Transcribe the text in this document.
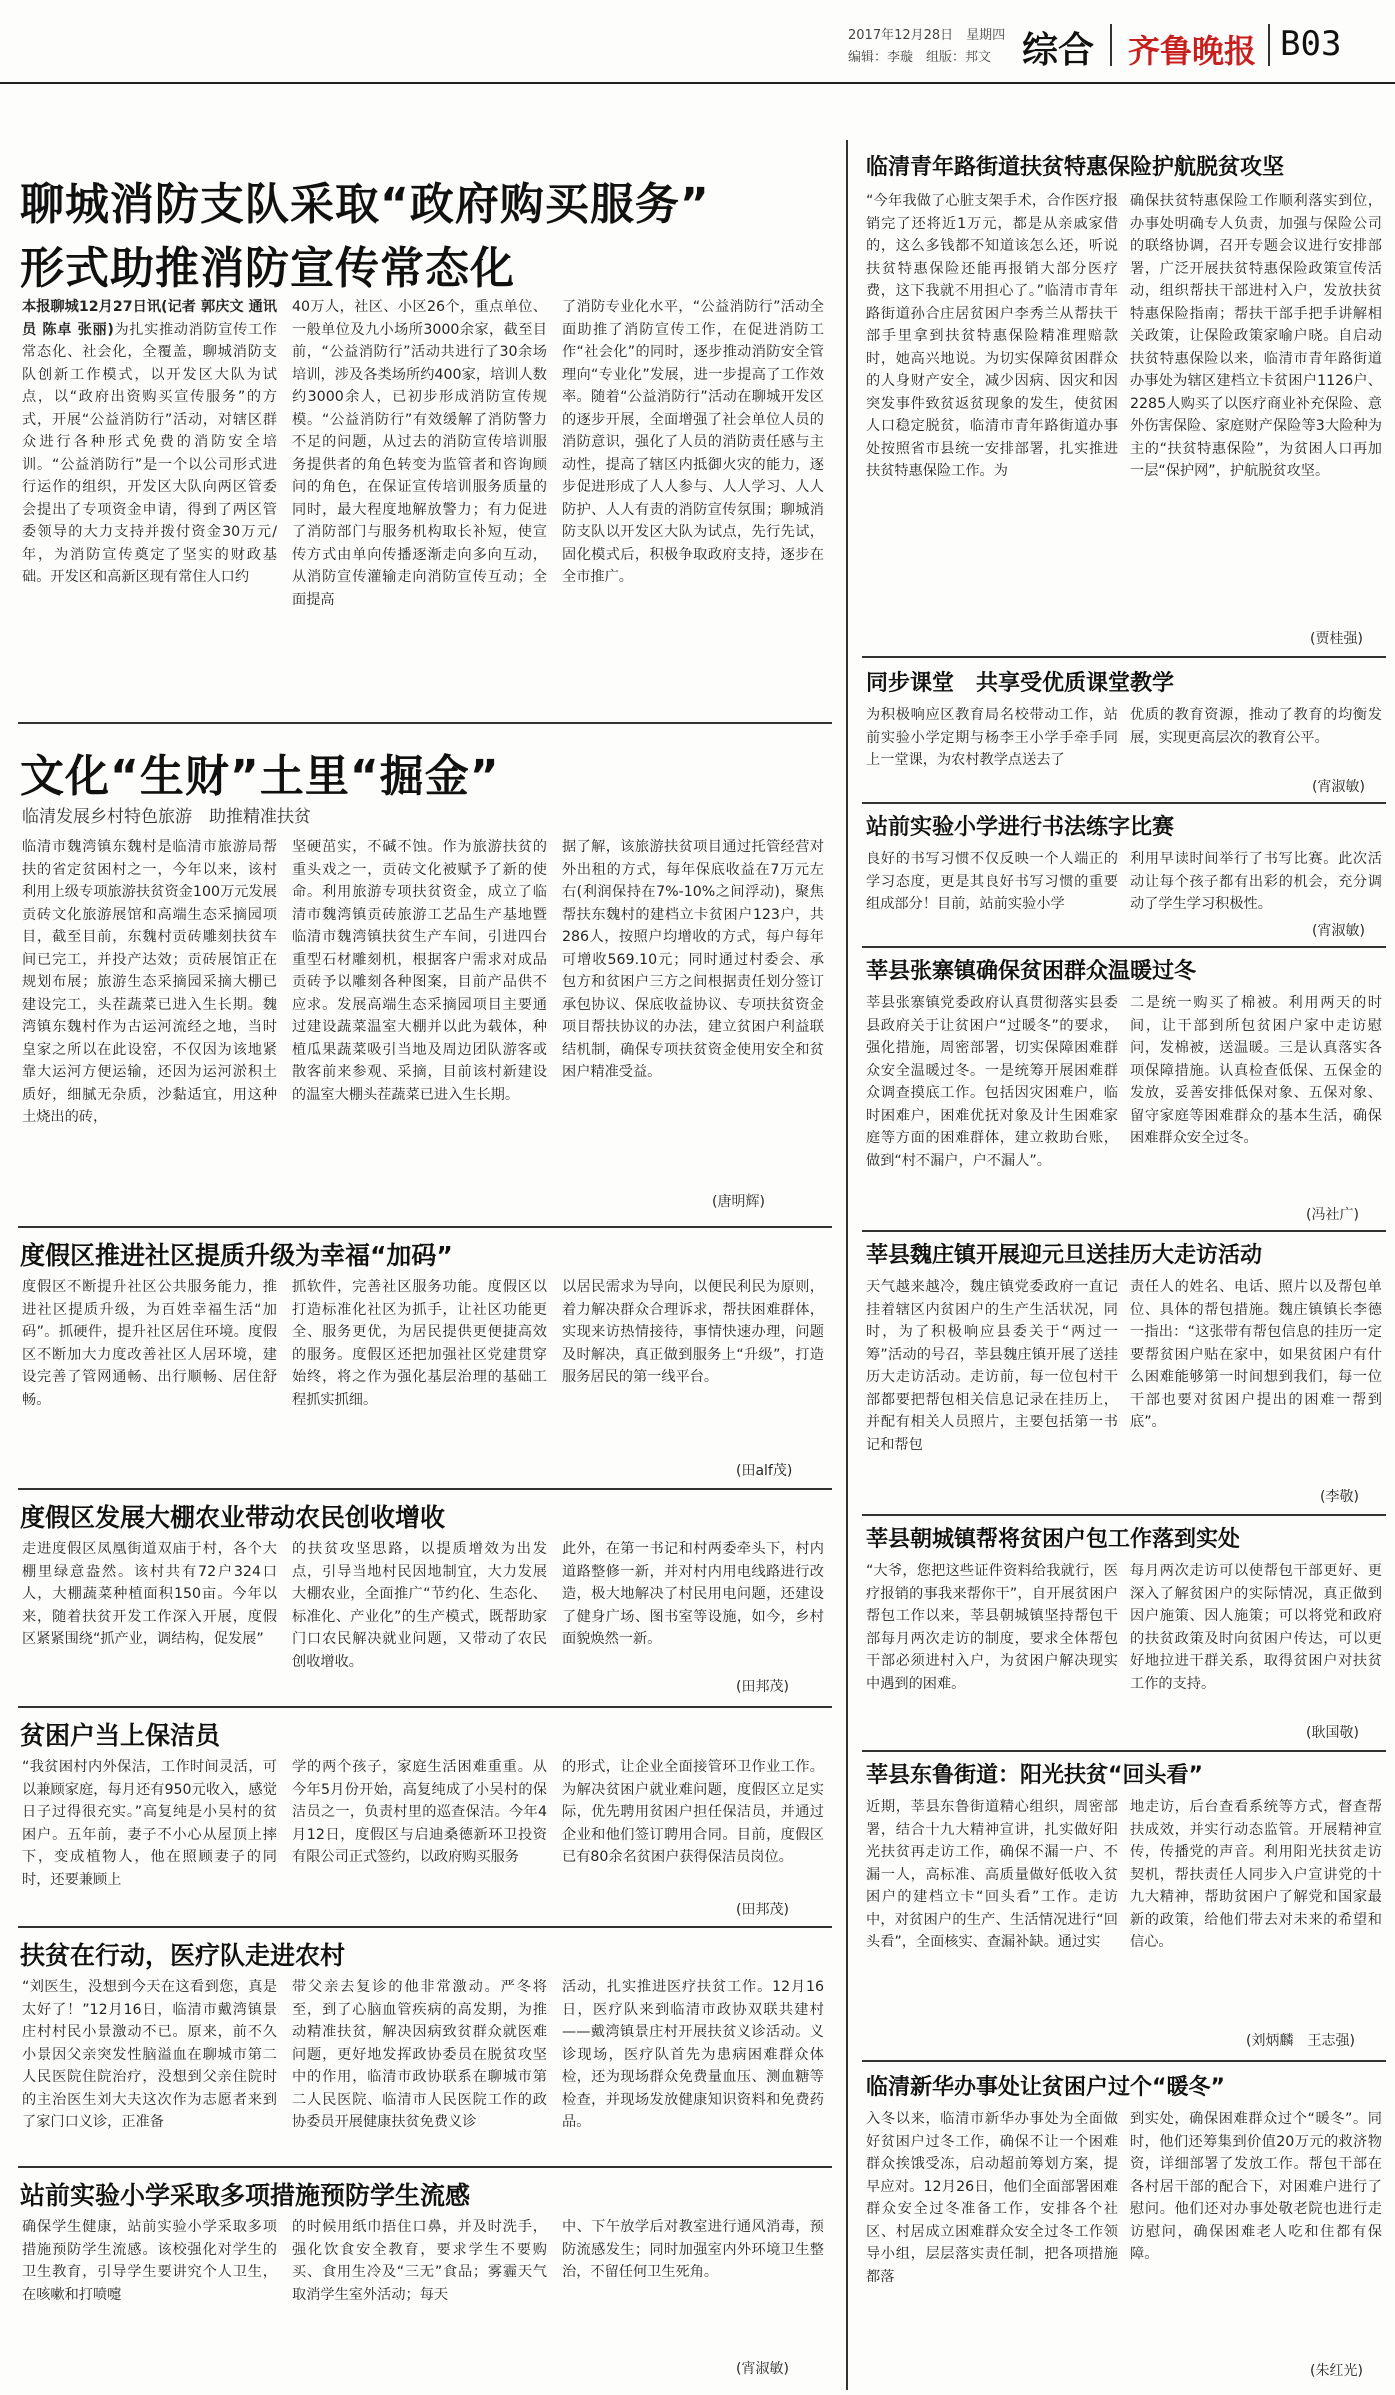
2017年12月28日　星期四
编辑：李璇　组版：邦文 综合 齐鲁晚报 B03
聊城消防支队采取“政府购买服务”
形式助推消防宣传常态化
本报聊城12月27日讯(记者 郭庆文 通讯员 陈卓 张丽)为扎实推动消防宣传工作常态化、社会化，全覆盖，聊城消防支队创新工作模式，以开发区大队为试点，以“政府出资购买宣传服务”的方式，开展“公益消防行”活动，对辖区群众进行各种形式免费的消防安全培训。“公益消防行”是一个以公司形式进行运作的组织，开发区大队向两区管委会提出了专项资金申请，得到了两区管委领导的大力支持并拨付资金30万元/年，为消防宣传奠定了坚实的财政基础。开发区和高新区现有常住人口约
40万人，社区、小区26个，重点单位、一般单位及九小场所3000余家，截至目前，“公益消防行”活动共进行了30余场培训，涉及各类场所约400家，培训人数约3000余人，已初步形成消防宣传规模。“公益消防行”有效缓解了消防警力不足的问题，从过去的消防宣传培训服务提供者的角色转变为监管者和咨询顾问的角色，在保证宣传培训服务质量的同时，最大程度地解放警力；有力促进了消防部门与服务机构取长补短，使宣传方式由单向传播逐渐走向多向互动，从消防宣传灌输走向消防宣传互动；全面提高
了消防专业化水平，“公益消防行”活动全面助推了消防宣传工作，在促进消防工作“社会化”的同时，逐步推动消防安全管理向“专业化”发展，进一步提高了工作效率。随着“公益消防行”活动在聊城开发区的逐步开展，全面增强了社会单位人员的消防意识，强化了人员的消防责任感与主动性，提高了辖区内抵御火灾的能力，逐步促进形成了人人参与、人人学习、人人防护、人人有责的消防宣传氛围；聊城消防支队以开发区大队为试点，先行先试，固化模式后，积极争取政府支持，逐步在全市推广。
文化“生财”土里“掘金”
临清发展乡村特色旅游　助推精准扶贫
临清市魏湾镇东魏村是临清市旅游局帮扶的省定贫困村之一，今年以来，该村利用上级专项旅游扶贫资金100万元发展贡砖文化旅游展馆和高端生态采摘园项目，截至目前，东魏村贡砖雕刻扶贫车间已完工，并投产达效；贡砖展馆正在规划布展；旅游生态采摘园采摘大棚已建设完工，头茬蔬菜已进入生长期。魏湾镇东魏村作为古运河流经之地，当时皇家之所以在此设窑，不仅因为该地紧靠大运河方便运输，还因为运河淤积土质好，细腻无杂质，沙黏适宜，用这种土烧出的砖，
坚硬茁实，不碱不蚀。作为旅游扶贫的重头戏之一，贡砖文化被赋予了新的使命。利用旅游专项扶贫资金，成立了临清市魏湾镇贡砖旅游工艺品生产基地暨临清市魏湾镇扶贫生产车间，引进四台重型石材雕刻机，根据客户需求对成品贡砖予以雕刻各种图案，目前产品供不应求。发展高端生态采摘园项目主要通过建设蔬菜温室大棚并以此为载体，种植瓜果蔬菜吸引当地及周边团队游客或散客前来参观、采摘，目前该村新建设的温室大棚头茬蔬菜已进入生长期。
据了解，该旅游扶贫项目通过托管经营对外出租的方式，每年保底收益在7万元左右(利润保持在7%-10%之间浮动)，聚焦帮扶东魏村的建档立卡贫困户123户，共286人，按照户均增收的方式，每户每年可增收569.10元；同时通过村委会、承包方和贫困户三方之间根据责任划分签订承包协议、保底收益协议、专项扶贫资金项目帮扶协议的办法，建立贫困户利益联结机制，确保专项扶贫资金使用安全和贫困户精准受益。
(唐明辉)
度假区推进社区提质升级为幸福“加码”
度假区不断提升社区公共服务能力，推进社区提质升级，为百姓幸福生活“加码”。抓硬件，提升社区居住环境。度假区不断加大力度改善社区人居环境，建设完善了管网通畅、出行顺畅、居住舒畅。
抓软件，完善社区服务功能。度假区以打造标准化社区为抓手，让社区功能更全、服务更优，为居民提供更便捷高效的服务。度假区还把加强社区党建贯穿始终，将之作为强化基层治理的基础工程抓实抓细。
以居民需求为导向，以便民利民为原则，着力解决群众合理诉求，帮扶困难群体，实现来访热情接待，事情快速办理，问题及时解决，真正做到服务上“升级”，打造服务居民的第一线平台。
(田alf茂)
度假区发展大棚农业带动农民创收增收
走进度假区凤凰街道双庙于村，各个大棚里绿意盎然。该村共有72户324口人，大棚蔬菜种植面积150亩。今年以来，随着扶贫开发工作深入开展，度假区紧紧围绕“抓产业，调结构，促发展”
的扶贫攻坚思路，以提质增效为出发点，引导当地村民因地制宜，大力发展大棚农业，全面推广“节约化、生态化、标准化、产业化”的生产模式，既帮助家门口农民解决就业问题，又带动了农民创收增收。
此外，在第一书记和村两委牵头下，村内道路整修一新，并对村内用电线路进行改造，极大地解决了村民用电问题，还建设了健身广场、图书室等设施，如今，乡村面貌焕然一新。
(田邦茂)
贫困户当上保洁员
“我贫困村内外保洁，工作时间灵活，可以兼顾家庭，每月还有950元收入，感觉日子过得很充实。”高复纯是小吴村的贫困户。五年前，妻子不小心从屋顶上摔下，变成植物人，他在照顾妻子的同时，还要兼顾上
学的两个孩子，家庭生活困难重重。从今年5月份开始，高复纯成了小吴村的保洁员之一，负责村里的巡查保洁。今年4月12日，度假区与启迪桑德新环卫投资有限公司正式签约，以政府购买服务
的形式，让企业全面接管环卫作业工作。为解决贫困户就业难问题，度假区立足实际，优先聘用贫困户担任保洁员，并通过企业和他们签订聘用合同。目前，度假区已有80余名贫困户获得保洁员岗位。
(田邦茂)
扶贫在行动，医疗队走进农村
“刘医生，没想到今天在这看到您，真是太好了！”12月16日，临清市戴湾镇景庄村村民小景激动不已。原来，前不久小景因父亲突发性脑溢血在聊城市第二人民医院住院治疗，没想到父亲住院时的主治医生刘大夫这次作为志愿者来到了家门口义诊，正准备
带父亲去复诊的他非常激动。严冬将至，到了心脑血管疾病的高发期，为推动精准扶贫，解决因病致贫群众就医难问题，更好地发挥政协委员在脱贫攻坚中的作用，临清市政协联系在聊城市第二人民医院、临清市人民医院工作的政协委员开展健康扶贫免费义诊
活动，扎实推进医疗扶贫工作。12月16日，医疗队来到临清市政协双联共建村——戴湾镇景庄村开展扶贫义诊活动。义诊现场，医疗队首先为患病困难群众体检，还为现场群众免费量血压、测血糖等检查，并现场发放健康知识资料和免费药品。
站前实验小学采取多项措施预防学生流感
确保学生健康，站前实验小学采取多项措施预防学生流感。该校强化对学生的卫生教育，引导学生要讲究个人卫生，在咳嗽和打喷嚏
的时候用纸巾捂住口鼻，并及时洗手，强化饮食安全教育，要求学生不要购买、食用生冷及“三无”食品；雾霾天气取消学生室外活动；每天
中、下午放学后对教室进行通风消毒，预防流感发生；同时加强室内外环境卫生整治，不留任何卫生死角。
(宵淑敏)
临清青年路街道扶贫特惠保险护航脱贫攻坚
“今年我做了心脏支架手术，合作医疗报销完了还将近1万元，都是从亲戚家借的，这么多钱都不知道该怎么还，听说扶贫特惠保险还能再报销大部分医疗费，这下我就不用担心了。”临清市青年路街道孙合庄居贫困户李秀兰从帮扶干部手里拿到扶贫特惠保险精准理赔款时，她高兴地说。为切实保障贫困群众的人身财产安全，减少因病、因灾和因突发事件致贫返贫现象的发生，使贫困人口稳定脱贫，临清市青年路街道办事处按照省市县统一安排部署，扎实推进扶贫特惠保险工作。为
确保扶贫特惠保险工作顺利落实到位，办事处明确专人负责，加强与保险公司的联络协调，召开专题会议进行安排部署，广泛开展扶贫特惠保险政策宣传活动，组织帮扶干部进村入户，发放扶贫特惠保险指南；帮扶干部手把手讲解相关政策，让保险政策家喻户晓。自启动扶贫特惠保险以来，临清市青年路街道办事处为辖区建档立卡贫困户1126户、2285人购买了以医疗商业补充保险、意外伤害保险、家庭财产保险等3大险种为主的“扶贫特惠保险”，为贫困人口再加一层“保护网”，护航脱贫攻坚。
(贾桂强)
同步课堂　共享受优质课堂教学
为积极响应区教育局名校带动工作，站前实验小学定期与杨李王小学手牵手同上一堂课，为农村教学点送去了
优质的教育资源，推动了教育的均衡发展，实现更高层次的教育公平。
(宵淑敏)
站前实验小学进行书法练字比赛
良好的书写习惯不仅反映一个人端正的学习态度，更是其良好书写习惯的重要组成部分！目前，站前实验小学
利用早读时间举行了书写比赛。此次活动让每个孩子都有出彩的机会，充分调动了学生学习积极性。
(宵淑敏)
莘县张寨镇确保贫困群众温暖过冬
莘县张寨镇党委政府认真贯彻落实县委县政府关于让贫困户“过暖冬”的要求，强化措施，周密部署，切实保障困难群众安全温暖过冬。一是统筹开展困难群众调查摸底工作。包括因灾困难户，临时困难户，困难优抚对象及计生困难家庭等方面的困难群体，建立救助台账，做到“村不漏户，户不漏人”。
二是统一购买了棉被。利用两天的时间，让干部到所包贫困户家中走访慰问，发棉被，送温暖。三是认真落实各项保障措施。认真检查低保、五保金的发放，妥善安排低保对象、五保对象、留守家庭等困难群众的基本生活，确保困难群众安全过冬。
(冯社广)
莘县魏庄镇开展迎元旦送挂历大走访活动
天气越来越冷，魏庄镇党委政府一直记挂着辖区内贫困户的生产生活状况，同时，为了积极响应县委关于“两过一筹”活动的号召，莘县魏庄镇开展了送挂历大走访活动。走访前，每一位包村干部都要把帮包相关信息记录在挂历上，并配有相关人员照片，主要包括第一书记和帮包
责任人的姓名、电话、照片以及帮包单位、具体的帮包措施。魏庄镇镇长李德一指出：“这张带有帮包信息的挂历一定要帮贫困户贴在家中，如果贫困户有什么困难能够第一时间想到我们，每一位干部也要对贫困户提出的困难一帮到底”。
(李敬)
莘县朝城镇帮将贫困户包工作落到实处
“大爷，您把这些证件资料给我就行，医疗报销的事我来帮你干”，自开展贫困户帮包工作以来，莘县朝城镇坚持帮包干部每月两次走访的制度，要求全体帮包干部必须进村入户，为贫困户解决现实中遇到的困难。
每月两次走访可以使帮包干部更好、更深入了解贫困户的实际情况，真正做到因户施策、因人施策；可以将党和政府的扶贫政策及时向贫困户传达，可以更好地拉进干群关系，取得贫困户对扶贫工作的支持。
(耿国敬)
莘县东鲁街道：阳光扶贫“回头看”
近期，莘县东鲁街道精心组织，周密部署，结合十九大精神宣讲，扎实做好阳光扶贫再走访工作，确保不漏一户、不漏一人，高标准、高质量做好低收入贫困户的建档立卡“回头看”工作。走访中，对贫困户的生产、生活情况进行“回头看”，全面核实、查漏补缺。通过实
地走访，后台查看系统等方式，督查帮扶成效，并实行动态监管。开展精神宣传，传播党的声音。利用阳光扶贫走访契机，帮扶责任人同步入户宣讲党的十九大精神，帮助贫困户了解党和国家最新的政策，给他们带去对未来的希望和信心。
(刘炳麟　王志强)
临清新华办事处让贫困户过个“暖冬”
入冬以来，临清市新华办事处为全面做好贫困户过冬工作，确保不让一个困难群众挨饿受冻，启动超前筹划方案，提早应对。12月26日，他们全面部署困难群众安全过冬准备工作，安排各个社区、村居成立困难群众安全过冬工作领导小组，层层落实责任制，把各项措施都落
到实处，确保困难群众过个“暖冬”。同时，他们还筹集到价值20万元的救济物资，详细部署了发放工作。帮包干部在各村居干部的配合下，对困难户进行了慰问。他们还对办事处敬老院也进行走访慰问，确保困难老人吃和住都有保障。
(朱红光)
